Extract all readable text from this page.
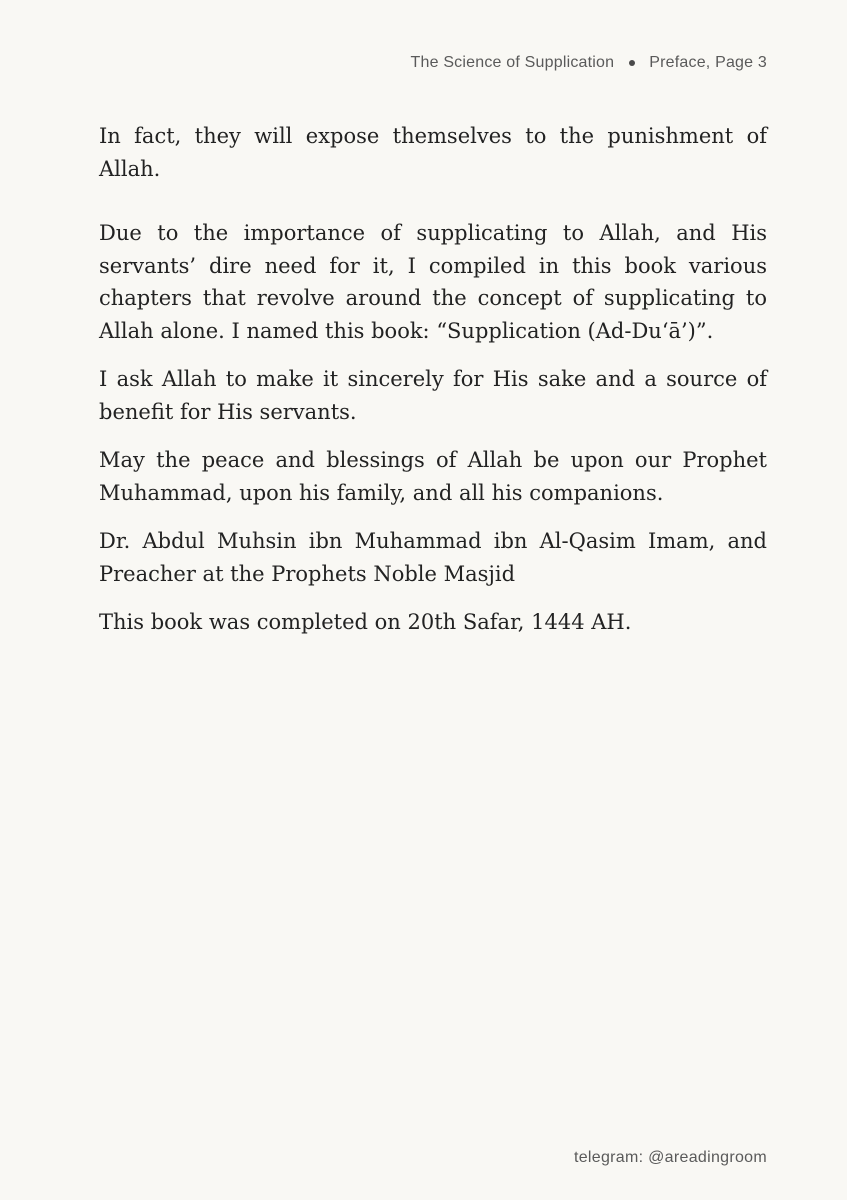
The Science of Supplication Preface, Page 3

In fact, they will expose themselves to the punishment of Allah.

Due to the importance of supplicating to Allah, and His servants’ dire need for it, I compiled in this book various chapters that revolve around the concept of supplicating to Allah alone. I named this book: “Supplication (Ad-Du‘ā’)”.

I ask Allah to make it sincerely for His sake and a source of benefit for His servants.

May the peace and blessings of Allah be upon our Prophet Muhammad, upon his family, and all his companions.

Dr. Abdul Muhsin ibn Muhammad ibn Al-Qasim Imam, and Preacher at the Prophets Noble Masjid

This book was completed on 20th Safar, 1444 AH.

telegram: @areadingroom
